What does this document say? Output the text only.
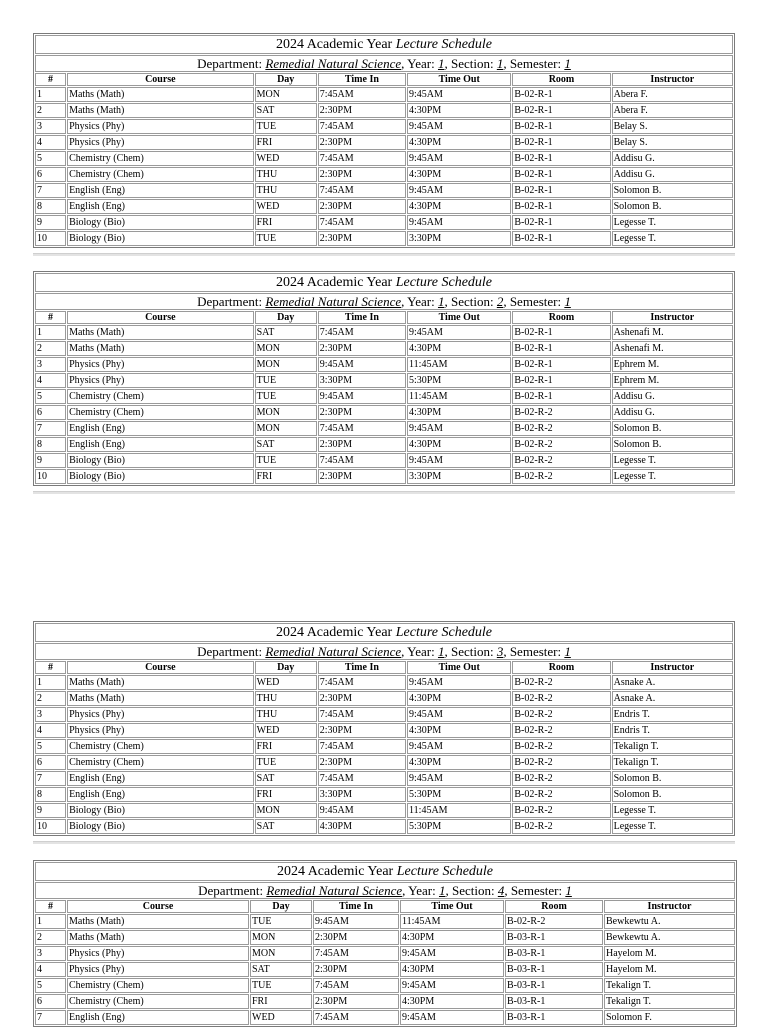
2024 Academic Year Lecture Schedule						
Department: Remedial Natural Science, Year: 1, Section: 1, Semester: 1						
#	Course	Day	Time In	Time Out	Room	Instructor
1	Maths (Math)	MON	7:45AM	9:45AM	B-02-R-1	Abera F.
2	Maths (Math)	SAT	2:30PM	4:30PM	B-02-R-1	Abera F.
3	Physics (Phy)	TUE	7:45AM	9:45AM	B-02-R-1	Belay S.
4	Physics (Phy)	FRI	2:30PM	4:30PM	B-02-R-1	Belay S.
5	Chemistry (Chem)	WED	7:45AM	9:45AM	B-02-R-1	Addisu G.
6	Chemistry (Chem)	THU	2:30PM	4:30PM	B-02-R-1	Addisu G.
7	English (Eng)	THU	7:45AM	9:45AM	B-02-R-1	Solomon B.
8	English (Eng)	WED	2:30PM	4:30PM	B-02-R-1	Solomon B.
9	Biology (Bio)	FRI	7:45AM	9:45AM	B-02-R-1	Legesse T.
10	Biology (Bio)	TUE	2:30PM	3:30PM	B-02-R-1	Legesse T.
2024 Academic Year Lecture Schedule						
Department: Remedial Natural Science, Year: 1, Section: 2, Semester: 1						
#	Course	Day	Time In	Time Out	Room	Instructor
1	Maths (Math)	SAT	7:45AM	9:45AM	B-02-R-1	Ashenafi M.
2	Maths (Math)	MON	2:30PM	4:30PM	B-02-R-1	Ashenafi M.
3	Physics (Phy)	MON	9:45AM	11:45AM	B-02-R-1	Ephrem M.
4	Physics (Phy)	TUE	3:30PM	5:30PM	B-02-R-1	Ephrem M.
5	Chemistry (Chem)	TUE	9:45AM	11:45AM	B-02-R-1	Addisu G.
6	Chemistry (Chem)	MON	2:30PM	4:30PM	B-02-R-2	Addisu G.
7	English (Eng)	MON	7:45AM	9:45AM	B-02-R-2	Solomon B.
8	English (Eng)	SAT	2:30PM	4:30PM	B-02-R-2	Solomon B.
9	Biology (Bio)	TUE	7:45AM	9:45AM	B-02-R-2	Legesse T.
10	Biology (Bio)	FRI	2:30PM	3:30PM	B-02-R-2	Legesse T.
2024 Academic Year Lecture Schedule						
Department: Remedial Natural Science, Year: 1, Section: 3, Semester: 1						
#	Course	Day	Time In	Time Out	Room	Instructor
1	Maths (Math)	WED	7:45AM	9:45AM	B-02-R-2	Asnake A.
2	Maths (Math)	THU	2:30PM	4:30PM	B-02-R-2	Asnake A.
3	Physics (Phy)	THU	7:45AM	9:45AM	B-02-R-2	Endris T.
4	Physics (Phy)	WED	2:30PM	4:30PM	B-02-R-2	Endris T.
5	Chemistry (Chem)	FRI	7:45AM	9:45AM	B-02-R-2	Tekalign T.
6	Chemistry (Chem)	TUE	2:30PM	4:30PM	B-02-R-2	Tekalign T.
7	English (Eng)	SAT	7:45AM	9:45AM	B-02-R-2	Solomon B.
8	English (Eng)	FRI	3:30PM	5:30PM	B-02-R-2	Solomon B.
9	Biology (Bio)	MON	9:45AM	11:45AM	B-02-R-2	Legesse T.
10	Biology (Bio)	SAT	4:30PM	5:30PM	B-02-R-2	Legesse T.
2024 Academic Year Lecture Schedule						
Department: Remedial Natural Science, Year: 1, Section: 4, Semester: 1						
#	Course	Day	Time In	Time Out	Room	Instructor
1	Maths (Math)	TUE	9:45AM	11:45AM	B-02-R-2	Bewkewtu A.
2	Maths (Math)	MON	2:30PM	4:30PM	B-03-R-1	Bewkewtu A.
3	Physics (Phy)	MON	7:45AM	9:45AM	B-03-R-1	Hayelom M.
4	Physics (Phy)	SAT	2:30PM	4:30PM	B-03-R-1	Hayelom M.
5	Chemistry (Chem)	TUE	7:45AM	9:45AM	B-03-R-1	Tekalign T.
6	Chemistry (Chem)	FRI	2:30PM	4:30PM	B-03-R-1	Tekalign T.
7	English (Eng)	WED	7:45AM	9:45AM	B-03-R-1	Solomon F.
